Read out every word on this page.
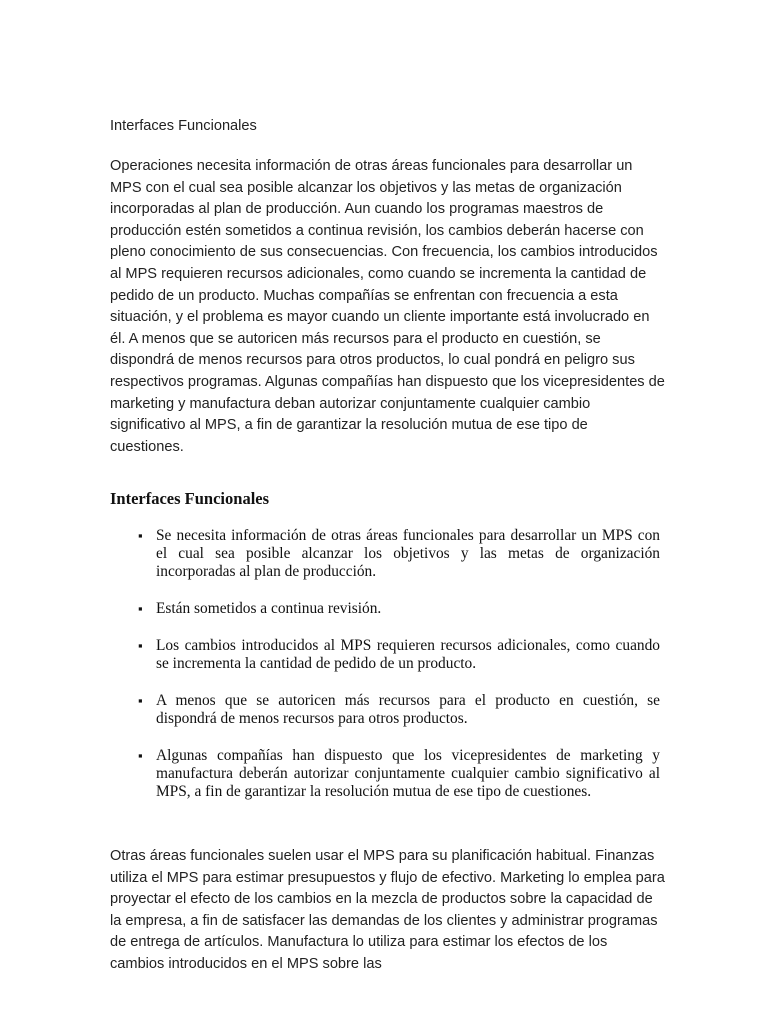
Interfaces Funcionales

Operaciones necesita información de otras áreas funcionales para desarrollar un MPS con el cual sea posible alcanzar los objetivos y las metas de organización incorporadas al plan de producción. Aun cuando los programas maestros de producción estén sometidos a continua revisión, los cambios deberán hacerse con pleno conocimiento de sus consecuencias. Con frecuencia, los cambios introducidos al MPS requieren recursos adicionales, como cuando se incrementa la cantidad de pedido de un producto. Muchas compañías se enfrentan con frecuencia a esta situación, y el problema es mayor cuando un cliente importante está involucrado en él. A menos que se autoricen más recursos para el producto en cuestión, se dispondrá de menos recursos para otros productos, lo cual pondrá en peligro sus respectivos programas. Algunas compañías han dispuesto que los vicepresidentes de marketing y manufactura deban autorizar conjuntamente cualquier cambio significativo al MPS, a fin de garantizar la resolución mutua de ese tipo de cuestiones.

Interfaces Funcionales
▪ Se necesita información de otras áreas funcionales para desarrollar un MPS con el cual sea posible alcanzar los objetivos y las metas de organización incorporadas al plan de producción.
▪ Están sometidos a continua revisión.
▪ Los cambios introducidos al MPS requieren recursos adicionales, como cuando se incrementa la cantidad de pedido de un producto.
▪ A menos que se autoricen más recursos para el producto en cuestión, se dispondrá de menos recursos para otros productos.
▪ Algunas compañías han dispuesto que los vicepresidentes de marketing y manufactura deberán autorizar conjuntamente cualquier cambio significativo al MPS, a fin de garantizar la resolución mutua de ese tipo de cuestiones.

Otras áreas funcionales suelen usar el MPS para su planificación habitual. Finanzas utiliza el MPS para estimar presupuestos y flujo de efectivo. Marketing lo emplea para proyectar el efecto de los cambios en la mezcla de productos sobre la capacidad de la empresa, a fin de satisfacer las demandas de los clientes y administrar programas de entrega de artículos. Manufactura lo utiliza para estimar los efectos de los cambios introducidos en el MPS sobre las
